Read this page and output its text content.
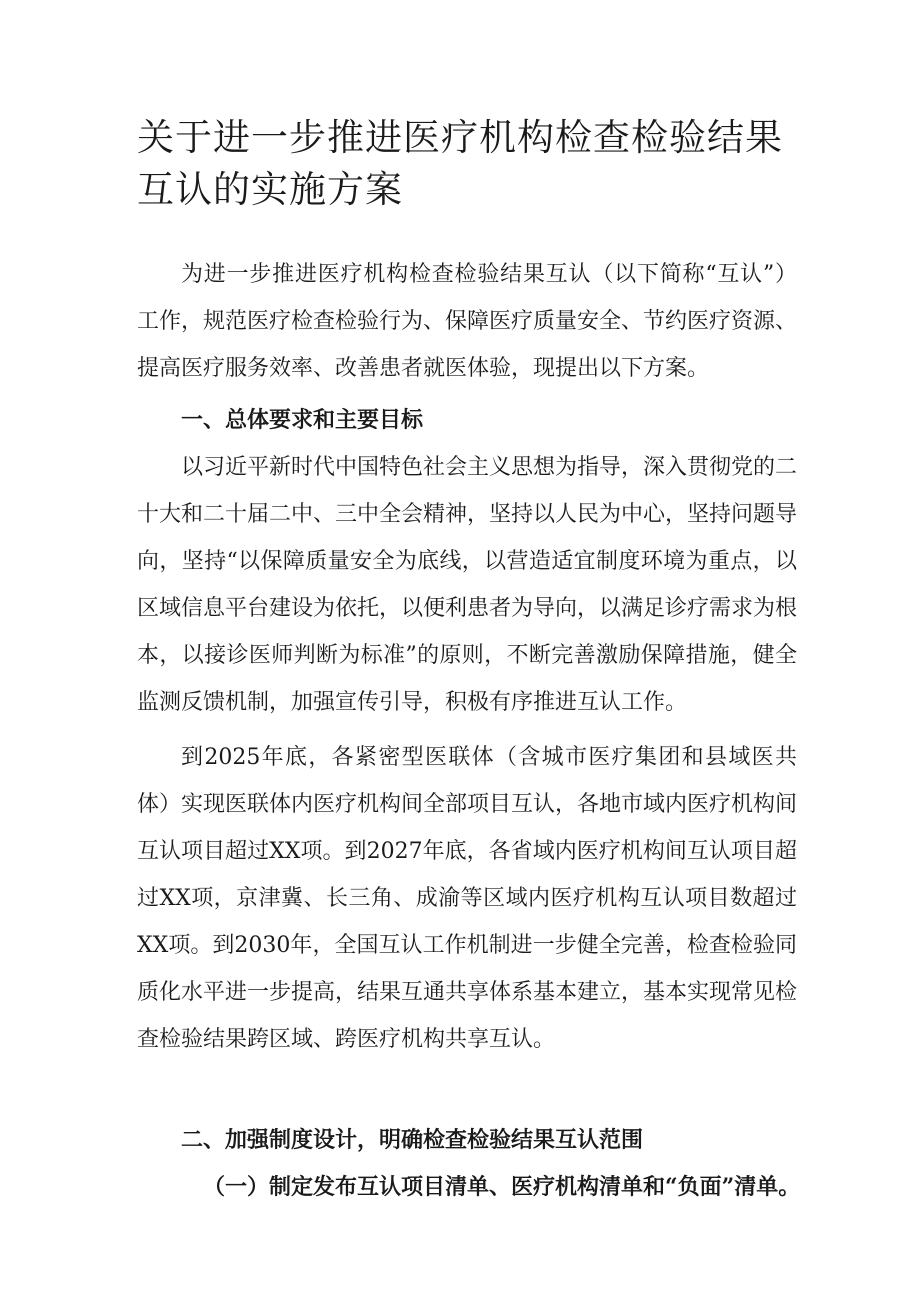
关于进一步推进医疗机构检查检验结果互认的实施方案

为进一步推进医疗机构检查检验结果互认（以下简称“互认”）工作，规范医疗检查检验行为、保障医疗质量安全、节约医疗资源、提高医疗服务效率、改善患者就医体验，现提出以下方案。

一、总体要求和主要目标

以习近平新时代中国特色社会主义思想为指导，深入贯彻党的二十大和二十届二中、三中全会精神，坚持以人民为中心，坚持问题导向，坚持“以保障质量安全为底线，以营造适宜制度环境为重点，以区域信息平台建设为依托，以便利患者为导向，以满足诊疗需求为根本，以接诊医师判断为标准”的原则，不断完善激励保障措施，健全监测反馈机制，加强宣传引导，积极有序推进互认工作。

到2025年底，各紧密型医联体（含城市医疗集团和县域医共体）实现医联体内医疗机构间全部项目互认，各地市域内医疗机构间互认项目超过XX项。到2027年底，各省域内医疗机构间互认项目超过XX项，京津冀、长三角、成渝等区域内医疗机构互认项目数超过XX项。到2030年，全国互认工作机制进一步健全完善，检查检验同质化水平进一步提高，结果互通共享体系基本建立，基本实现常见检查检验结果跨区域、跨医疗机构共享互认。

二、加强制度设计，明确检查检验结果互认范围
（一）制定发布互认项目清单、医疗机构清单和“负面”清单。
